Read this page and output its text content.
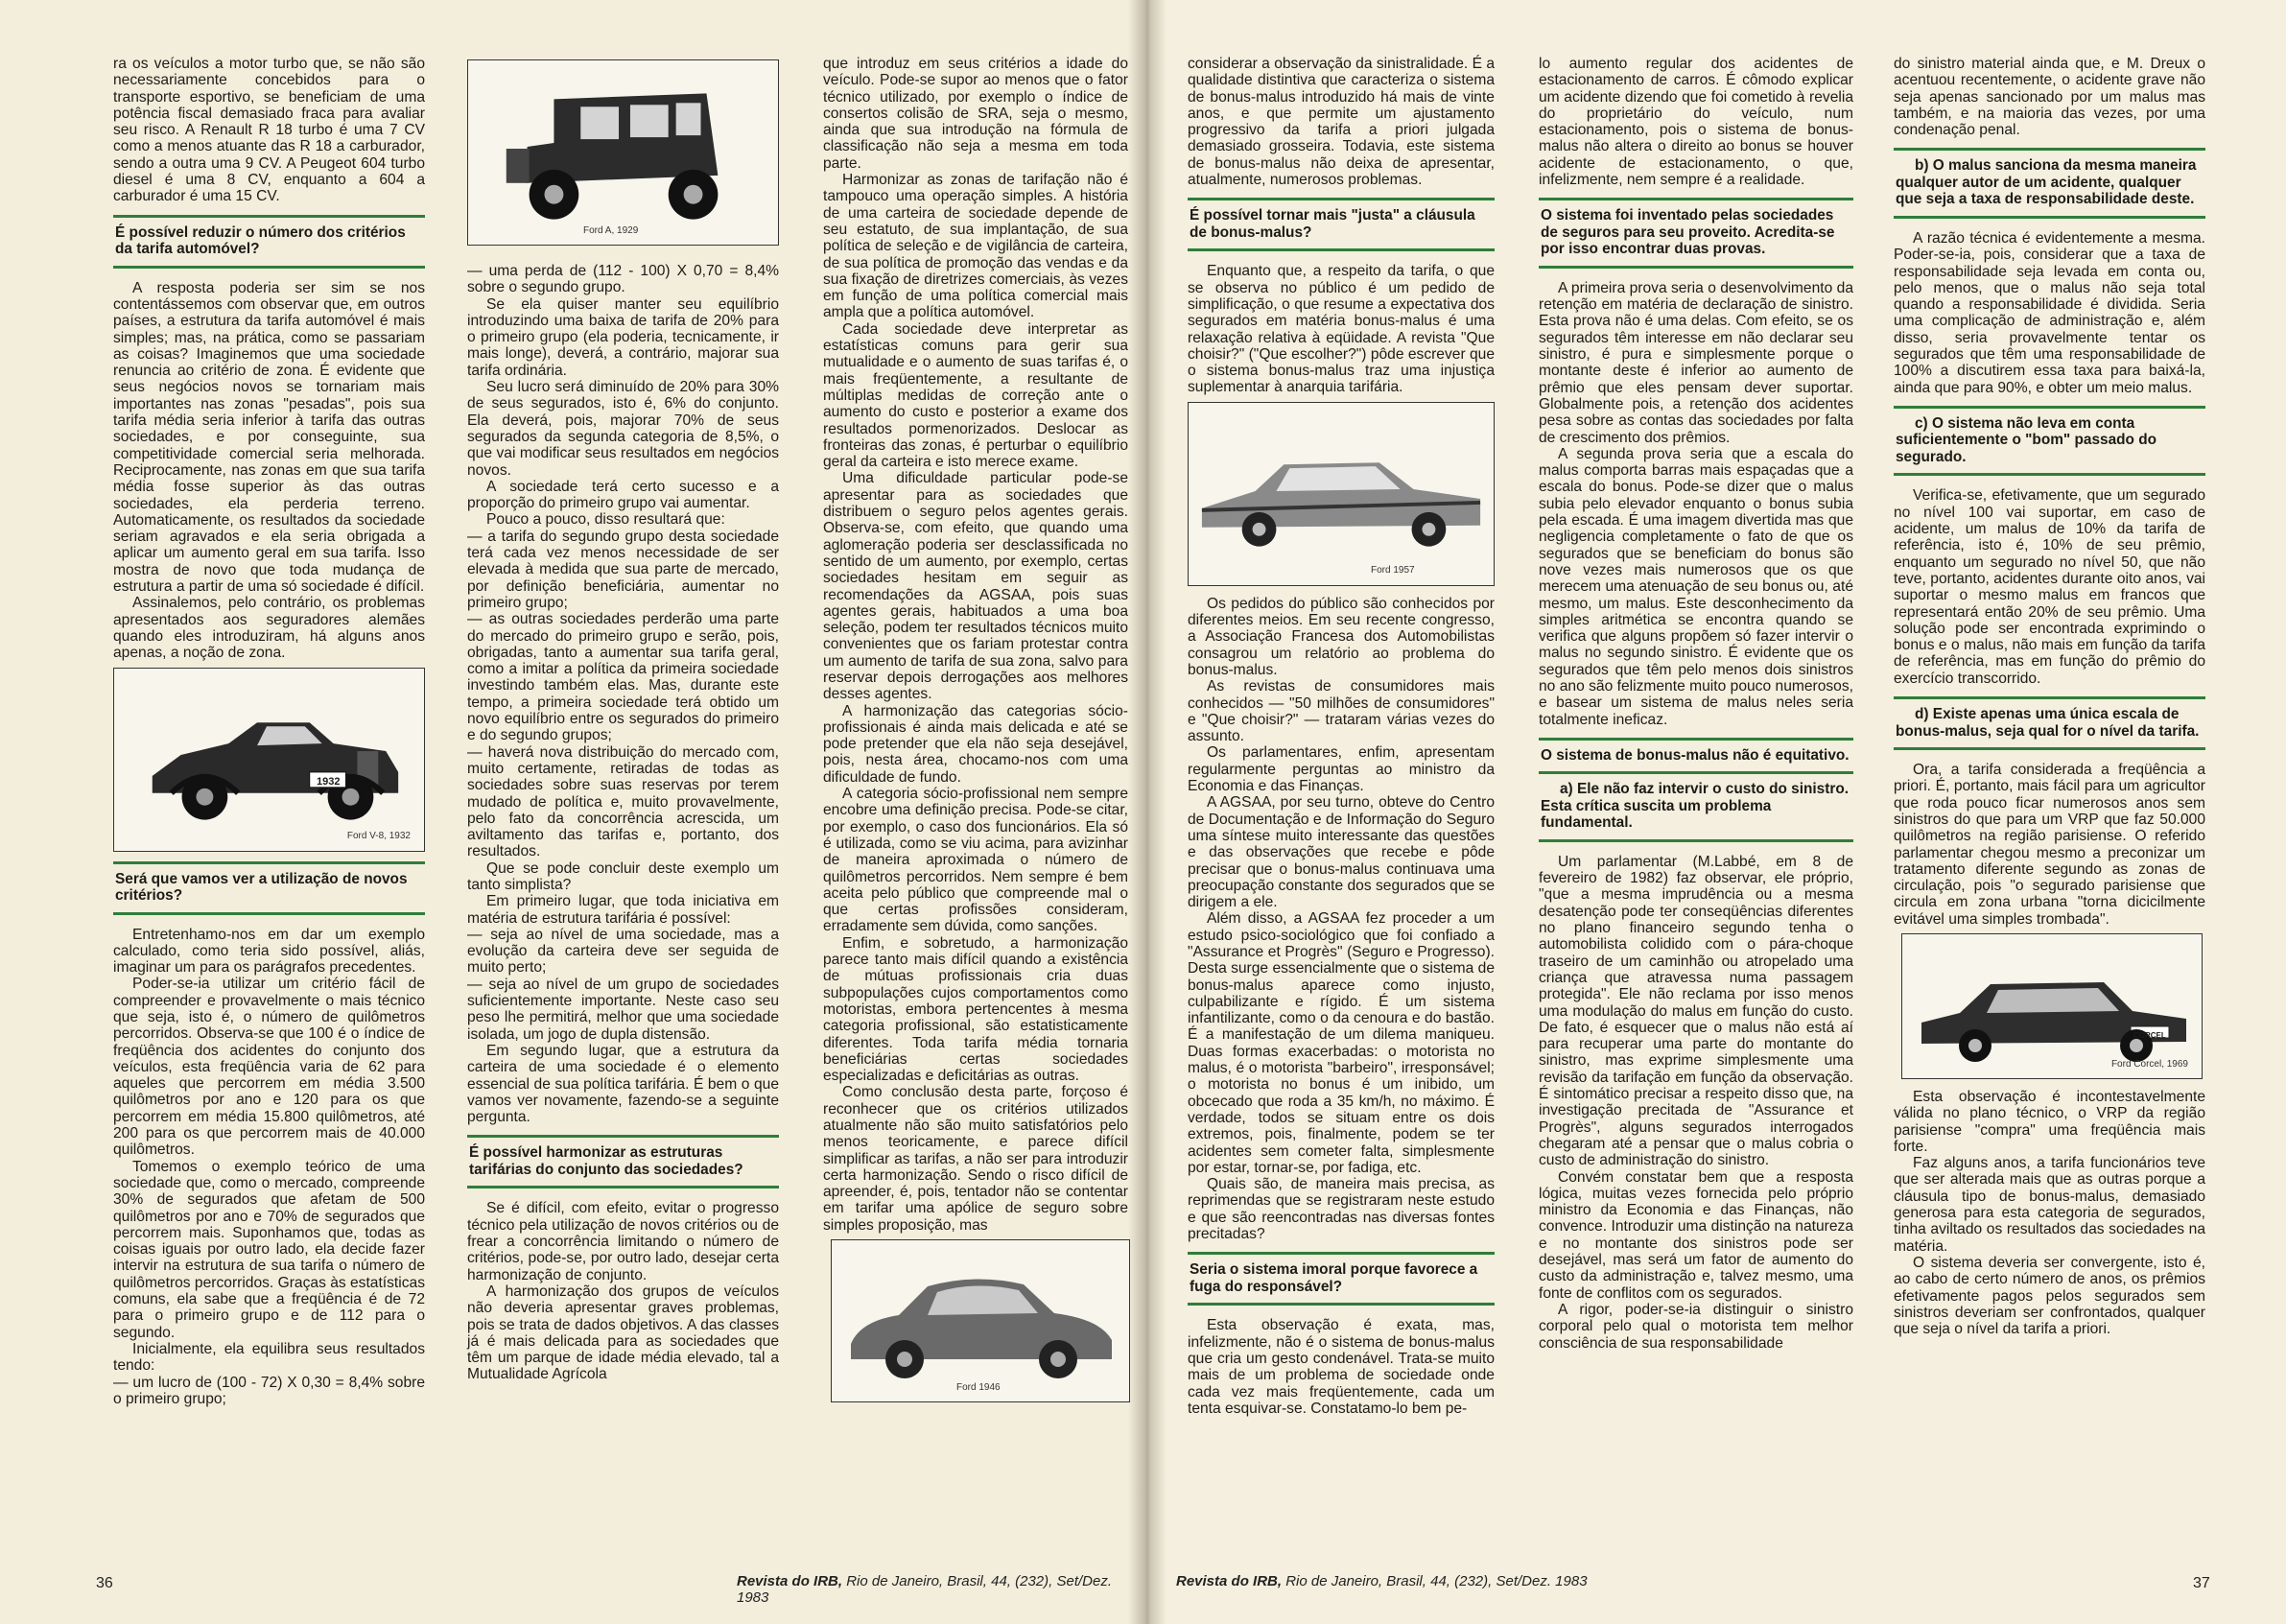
ra os veículos a motor turbo que, se não são necessariamente concebidos para o transporte esportivo, se beneficiam de uma potência fiscal demasiado fraca para avaliar seu risco. A Renault R 18 turbo é uma 7 CV como a menos atuante das R 18 a carburador, sendo a outra uma 9 CV. A Peugeot 604 turbo diesel é uma 8 CV, enquanto a 604 a carburador é uma 15 CV.

É possível reduzir o número dos critérios da tarifa automóvel?

A resposta poderia ser sim se nos contentássemos com observar que, em outros países, a estrutura da tarifa automóvel é mais simples; mas, na prática, como se passariam as coisas? Imaginemos que uma sociedade renuncia ao critério de zona. É evidente que seus negócios novos se tornariam mais importantes nas zonas "pesadas", pois sua tarifa média seria inferior à tarifa das outras sociedades, e por conseguinte, sua competitividade comercial seria melhorada. Reciprocamente, nas zonas em que sua tarifa média fosse superior às das outras sociedades, ela perderia terreno. Automaticamente, os resultados da sociedade seriam agravados e ela seria obrigada a aplicar um aumento geral em sua tarifa. Isso mostra de novo que toda mudança de estrutura a partir de uma só sociedade é difícil.

Assinalemos, pelo contrário, os problemas apresentados aos seguradores alemães quando eles introduziram, há alguns anos apenas, a noção de zona.

1932
Ford V-8, 1932
Será que vamos ver a utilização de novos critérios?

Entretenhamo-nos em dar um exemplo calculado, como teria sido possível, aliás, imaginar um para os parágrafos precedentes.

Poder-se-ia utilizar um critério fácil de compreender e provavelmente o mais técnico que seja, isto é, o número de quilômetros percorridos. Observa-se que 100 é o índice de freqüência dos acidentes do conjunto dos veículos, esta freqüência varia de 62 para aqueles que percorrem em média 3.500 quilômetros por ano e 120 para os que percorrem em média 15.800 quilômetros, até 200 para os que percorrem mais de 40.000 quilômetros.

Tomemos o exemplo teórico de uma sociedade que, como o mercado, compreende 30% de segurados que afetam de 500 quilômetros por ano e 70% de segurados que percorrem mais. Suponhamos que, todas as coisas iguais por outro lado, ela decide fazer intervir na estrutura de sua tarifa o número de quilômetros percorridos. Graças às estatísticas comuns, ela sabe que a freqüência é de 72 para o primeiro grupo e de 112 para o segundo.

Inicialmente, ela equilibra seus resultados tendo:

— um lucro de (100 - 72) X 0,30 = 8,4% sobre o primeiro grupo;

Ford A, 1929

— uma perda de (112 - 100) X 0,70 = 8,4% sobre o segundo grupo.

Se ela quiser manter seu equilíbrio introduzindo uma baixa de tarifa de 20% para o primeiro grupo (ela poderia, tecnicamente, ir mais longe), deverá, a contrário, majorar sua tarifa ordinária.

Seu lucro será diminuído de 20% para 30% de seus segurados, isto é, 6% do conjunto. Ela deverá, pois, majorar 70% de seus segurados da segunda categoria de 8,5%, o que vai modificar seus resultados em negócios novos.

A sociedade terá certo sucesso e a proporção do primeiro grupo vai aumentar.

Pouco a pouco, disso resultará que:

— a tarifa do segundo grupo desta sociedade terá cada vez menos necessidade de ser elevada à medida que sua parte de mercado, por definição beneficiária, aumentar no primeiro grupo;

— as outras sociedades perderão uma parte do mercado do primeiro grupo e serão, pois, obrigadas, tanto a aumentar sua tarifa geral, como a imitar a política da primeira sociedade investindo também elas. Mas, durante este tempo, a primeira sociedade terá obtido um novo equilíbrio entre os segurados do primeiro e do segundo grupos;

— haverá nova distribuição do mercado com, muito certamente, retiradas de todas as sociedades sobre suas reservas por terem mudado de política e, muito provavelmente, pelo fato da concorrência acrescida, um aviltamento das tarifas e, portanto, dos resultados.

Que se pode concluir deste exemplo um tanto simplista?

Em primeiro lugar, que toda iniciativa em matéria de estrutura tarifária é possível:

— seja ao nível de uma sociedade, mas a evolução da carteira deve ser seguida de muito perto;

— seja ao nível de um grupo de sociedades suficientemente importante. Neste caso seu peso lhe permitirá, melhor que uma sociedade isolada, um jogo de dupla distensão.

Em segundo lugar, que a estrutura da carteira de uma sociedade é o elemento essencial de sua política tarifária. É bem o que vamos ver novamente, fazendo-se a seguinte pergunta.

É possível harmonizar as estruturas tarifárias do conjunto das sociedades?

Se é difícil, com efeito, evitar o progresso técnico pela utilização de novos critérios ou de frear a concorrência limitando o número de critérios, pode-se, por outro lado, desejar certa harmonização de conjunto.

A harmonização dos grupos de veículos não deveria apresentar graves problemas, pois se trata de dados objetivos. A das classes já é mais delicada para as sociedades que têm um parque de idade média elevado, tal a Mutualidade Agrícola

que introduz em seus critérios a idade do veículo. Pode-se supor ao menos que o fator técnico utilizado, por exemplo o índice de consertos colisão de SRA, seja o mesmo, ainda que sua introdução na fórmula de classificação não seja a mesma em toda parte.

Harmonizar as zonas de tarifação não é tampouco uma operação simples. A história de uma carteira de sociedade depende de seu estatuto, de sua implantação, de sua política de seleção e de vigilância de carteira, de sua política de promoção das vendas e da sua fixação de diretrizes comerciais, às vezes em função de uma política comercial mais ampla que a política automóvel.

Cada sociedade deve interpretar as estatísticas comuns para gerir sua mutualidade e o aumento de suas tarifas é, o mais freqüentemente, a resultante de múltiplas medidas de correção ante o aumento do custo e posterior a exame dos resultados pormenorizados. Deslocar as fronteiras das zonas, é perturbar o equilíbrio geral da carteira e isto merece exame.

Uma dificuldade particular pode-se apresentar para as sociedades que distribuem o seguro pelos agentes gerais. Observa-se, com efeito, que quando uma aglomeração poderia ser desclassificada no sentido de um aumento, por exemplo, certas sociedades hesitam em seguir as recomendações da AGSAA, pois suas agentes gerais, habituados a uma boa seleção, podem ter resultados técnicos muito convenientes que os fariam protestar contra um aumento de tarifa de sua zona, salvo para reservar depois derrogações aos melhores desses agentes.

A harmonização das categorias sócio-profissionais é ainda mais delicada e até se pode pretender que ela não seja desejável, pois, nesta área, chocamo-nos com uma dificuldade de fundo.

A categoria sócio-profissional nem sempre encobre uma definição precisa. Pode-se citar, por exemplo, o caso dos funcionários. Ela só é utilizada, como se viu acima, para avizinhar de maneira aproximada o número de quilômetros percorridos. Nem sempre é bem aceita pelo público que compreende mal o que certas profissões consideram, erradamente sem dúvida, como sanções.

Enfim, e sobretudo, a harmonização parece tanto mais difícil quando a existência de mútuas profissionais cria duas subpopulações cujos comportamentos como motoristas, embora pertencentes à mesma categoria profissional, são estatisticamente diferentes. Toda tarifa média tornaria beneficiárias certas sociedades especializadas e deficitárias as outras.

Como conclusão desta parte, forçoso é reconhecer que os critérios utilizados atualmente não são muito satisfatórios pelo menos teoricamente, e parece difícil simplificar as tarifas, a não ser para introduzir certa harmonização. Sendo o risco difícil de apreender, é, pois, tentador não se contentar em tarifar uma apólice de seguro sobre simples proposição, mas

Ford 1946
36	Revista do IRB, Rio de Janeiro, Brasil, 44, (232), Set/Dez. 1983

considerar a observação da sinistralidade. É a qualidade distintiva que caracteriza o sistema de bonus-malus introduzido há mais de vinte anos, e que permite um ajustamento progressivo da tarifa a priori julgada demasiado grosseira. Todavia, este sistema de bonus-malus não deixa de apresentar, atualmente, numerosos problemas.

É possível tornar mais "justa" a cláusula de bonus-malus?

Enquanto que, a respeito da tarifa, o que se observa no público é um pedido de simplificação, o que resume a expectativa dos segurados em matéria bonus-malus é uma relaxação relativa à eqüidade. A revista "Que choisir?" ("Que escolher?") pôde escrever que o sistema bonus-malus traz uma injustiça suplementar à anarquia tarifária.

Ford 1957

Os pedidos do público são conhecidos por diferentes meios. Em seu recente congresso, a Associação Francesa dos Automobilistas consagrou um relatório ao problema do bonus-malus.

As revistas de consumidores mais conhecidos — "50 milhões de consumidores" e "Que choisir?" — trataram várias vezes do assunto.

Os parlamentares, enfim, apresentam regularmente perguntas ao ministro da Economia e das Finanças.

A AGSAA, por seu turno, obteve do Centro de Documentação e de Informação do Seguro uma síntese muito interessante das questões e das observações que recebe e pôde precisar que o bonus-malus continuava uma preocupação constante dos segurados que se dirigem a ele.

Além disso, a AGSAA fez proceder a um estudo psico-sociológico que foi confiado a "Assurance et Progrès" (Seguro e Progresso). Desta surge essencialmente que o sistema de bonus-malus aparece como injusto, culpabilizante e rígido. É um sistema infantilizante, como o da cenoura e do bastão. É a manifestação de um dilema maniqueu. Duas formas exacerbadas: o motorista no malus, é o motorista "barbeiro", irresponsável; o motorista no bonus é um inibido, um obcecado que roda a 35 km/h, no máximo. É verdade, todos se situam entre os dois extremos, pois, finalmente, podem se ter acidentes sem cometer falta, simplesmente por estar, tornar-se, por fadiga, etc.

Quais são, de maneira mais precisa, as reprimendas que se registraram neste estudo e que são reencontradas nas diversas fontes precitadas?

Seria o sistema imoral porque favorece a fuga do responsável?

Esta observação é exata, mas, infelizmente, não é o sistema de bonus-malus que cria um gesto condenável. Trata-se muito mais de um problema de sociedade onde cada vez mais freqüentemente, cada um tenta esquivar-se. Constatamo-lo bem pe-

lo aumento regular dos acidentes de estacionamento de carros. É cômodo explicar um acidente dizendo que foi cometido à revelia do proprietário do veículo, num estacionamento, pois o sistema de bonus-malus não altera o direito ao bonus se houver acidente de estacionamento, o que, infelizmente, nem sempre é a realidade.

O sistema foi inventado pelas sociedades de seguros para seu proveito. Acredita-se por isso encontrar duas provas.

A primeira prova seria o desenvolvimento da retenção em matéria de declaração de sinistro. Esta prova não é uma delas. Com efeito, se os segurados têm interesse em não declarar seu sinistro, é pura e simplesmente porque o montante deste é inferior ao aumento de prêmio que eles pensam dever suportar. Globalmente pois, a retenção dos acidentes pesa sobre as contas das sociedades por falta de crescimento dos prêmios.

A segunda prova seria que a escala do malus comporta barras mais espaçadas que a escala do bonus. Pode-se dizer que o malus subia pelo elevador enquanto o bonus subia pela escada. É uma imagem divertida mas que negligencia completamente o fato de que os segurados que se beneficiam do bonus são nove vezes mais numerosos que os que merecem uma atenuação de seu bonus ou, até mesmo, um malus. Este desconhecimento da simples aritmética se encontra quando se verifica que alguns propõem só fazer intervir o malus no segundo sinistro. É evidente que os segurados que têm pelo menos dois sinistros no ano são felizmente muito pouco numerosos, e basear um sistema de malus neles seria totalmente ineficaz.

O sistema de bonus-malus não é equitativo.
a) Ele não faz intervir o custo do sinistro. Esta crítica suscita um problema fundamental.

Um parlamentar (M.Labbé, em 8 de fevereiro de 1982) faz observar, ele próprio, "que a mesma imprudência ou a mesma desatenção pode ter conseqüências diferentes no plano financeiro segundo tenha o automobilista colidido com o pára-choque traseiro de um caminhão ou atropelado uma criança que atravessa numa passagem protegida". Ele não reclama por isso menos uma modulação do malus em função do custo. De fato, é esquecer que o malus não está aí para recuperar uma parte do montante do sinistro, mas exprime simplesmente uma revisão da tarifação em função da observação. É sintomático precisar a respeito disso que, na investigação precitada de "Assurance et Progrès", alguns segurados interrogados chegaram até a pensar que o malus cobria o custo de administração do sinistro.

Convém constatar bem que a resposta lógica, muitas vezes fornecida pelo próprio ministro da Economia e das Finanças, não convence. Introduzir uma distinção na natureza e no montante dos sinistros pode ser desejável, mas será um fator de aumento do custo da administração e, talvez mesmo, uma fonte de conflitos com os segurados.

A rigor, poder-se-ia distinguir o sinistro corporal pelo qual o motorista tem melhor consciência de sua responsabilidade

do sinistro material ainda que, e M. Dreux o acentuou recentemente, o acidente grave não seja apenas sancionado por um malus mas também, e na maioria das vezes, por uma condenação penal.

b) O malus sanciona da mesma maneira qualquer autor de um acidente, qualquer que seja a taxa de responsabilidade deste.

A razão técnica é evidentemente a mesma. Poder-se-ia, pois, considerar que a taxa de responsabilidade seja levada em conta ou, pelo menos, que o malus não seja total quando a responsabilidade é dividida. Seria uma complicação de administração e, além disso, seria provavelmente tentar os segurados que têm uma responsabilidade de 100% a discutirem essa taxa para baixá-la, ainda que para 90%, e obter um meio malus.

c) O sistema não leva em conta suficientemente o "bom" passado do segurado.

Verifica-se, efetivamente, que um segurado no nível 100 vai suportar, em caso de acidente, um malus de 10% da tarifa de referência, isto é, 10% de seu prêmio, enquanto um segurado no nível 50, que não teve, portanto, acidentes durante oito anos, vai suportar o mesmo malus em francos que representará então 20% de seu prêmio. Uma solução pode ser encontrada exprimindo o bonus e o malus, não mais em função da tarifa de referência, mas em função do prêmio do exercício transcorrido.

d) Existe apenas uma única escala de bonus-malus, seja qual for o nível da tarifa.

Ora, a tarifa considerada a freqüência a priori. É, portanto, mais fácil para um agricultor que roda pouco ficar numerosos anos sem sinistros do que para um VRP que faz 50.000 quilômetros na região parisiense. O referido parlamentar chegou mesmo a preconizar um tratamento diferente segundo as zonas de circulação, pois "o segurado parisiense que circula em zona urbana "torna dicicilmente evitável uma simples trombada".

CORCEL
Ford Corcel, 1969

Esta observação é incontestavelmente válida no plano técnico, o VRP da região parisiense "compra" uma freqüência mais forte.

Faz alguns anos, a tarifa funcionários teve que ser alterada mais que as outras porque a cláusula tipo de bonus-malus, demasiado generosa para esta categoria de segurados, tinha aviltado os resultados das sociedades na matéria.

O sistema deveria ser convergente, isto é, ao cabo de certo número de anos, os prêmios efetivamente pagos pelos segurados sem sinistros deveriam ser confrontados, qualquer que seja o nível da tarifa a priori.

Revista do IRB, Rio de Janeiro, Brasil, 44, (232), Set/Dez. 1983	37
